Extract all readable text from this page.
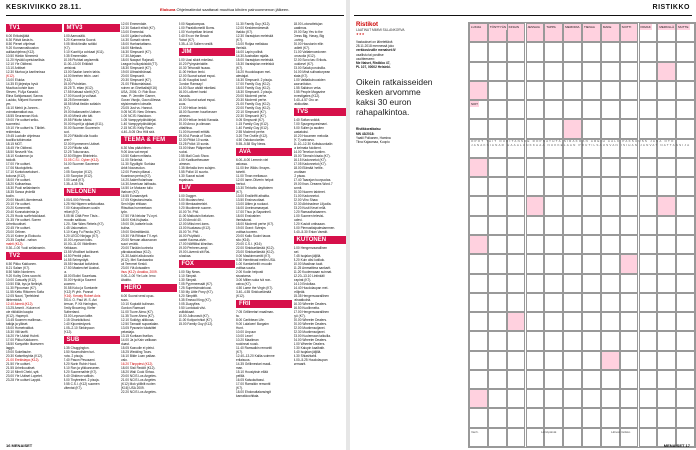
KESKIVIIKKO 28.11.	Elokuva Ohjelmatiedot saattavat muuttua kihden painoonmenon jälkeen.
TV1
6.00 Erikoisljäkä
6.30 Päivä ilasta ts.
8.50 Pienet ohjelmat
9.20 Kunnanvaltuuston
aulikaohjelma (K12).
10.50 Härkin Nimmerä
11.20 Hyvää lopetuksellisia
12.10 Yle Oldbeat.
13.10 Arktiset
12.30 Murtoa ja kantinnissa
(K12).
13.00 Elukka
14.35 El järjestys hyvä
Muuttua kohde ikan
Steven, Pi Aja Kanadd.
Elina Sahijansaari, Sanna
Luukko, Mirjami Kunonen
ym.
16.10 Metrö ja Jonnes -
voimatamatkat osa.
18.55 Seurannan Klok.
19.00 Yle uutiset selko-
suomeksi.
19.10 Yle uutiset ts. Täbilet-
reidenkaa.
19.45 Luotulle ohjelmaa
koolilla tutkimusta:
18.15 MOT.
18.45 Yle Oldbeat.
18.50 Nevuelit Yks.
18.10 Kuutamon ja
toidolit.
17.00 Yle uutiset.
17.06 Muotojuttelu.
17.10 Kuntotosetukset -
kokona (K12).
18.00 Yle uutiset.
18.20 Kulisseissa.
18.30 Puoli sellaintamin
18.35 Sanoa yhdellä
kodin.
20.00 Muutit Liikenteessä.
20.10 Yle uutiset.
20.20 Kommentti.
20.40 Kunnatoiminta ja
21.25 Huolo surfiehdokkaat.
21.35 Yle uutiset. Sorren
Urheiluuutiset.
22.45 Yle uutiset.
23.00 Ortinen.
23.10 Kolme ja Elokuutu.
23.35 Capital - nahan
mahti (K12).
0.30–1.00 Yuoli sellainamin.
TV2
6.50 Pikku Kakkonen.
8.21 Salam (K7).
8.50 Nälin Norderen.
9.20 Kolby Cries scorcht.
10.00 Casualty (K12).
10.50 Ellä, kys ja Neliniyti.
11.30 Pipooman (K7).
11.55 Kettu Riitoreen Sofia
12.05 Nauri, Tjerfeldest
lähteminkä.
12.40 Aimeä (K12).
13.25 Ammit - Kuluen ei
ole rikikkiän kaupia
(K12). Haperpit.
13.45 Suomen mallimaa -
tutkija ja ylikset.
15.00 Hometvalikot.
15.30 Villi tanffi.
16.20 Yle Uutisit Hubrit.
17.00 Pikku Kakkonen.
18.50 Kanyahtin Ilkanveen
laggir.
19.00 Sukeltauhe.
20.30 Katsettoyhtia (K12).
21.00 Erekistaya (K12).
21.50 Yle uutiset.
21.55 Urheiluuutiset.
22.10 Mirnit Cheki, sytt.
23.00 Yle Uutiset Lopetet.
23.28 Yle uutiset Lappid.
MTV3
6.00 Aamusälä.
8.20 Kummeria Suorot.
9.05 Minä tiedän sotikki
(K7).
9.10 Kuoriit ja cohkaat (K11).
9.35 Emmerdale.
10.05 Piuhbat asylsemät.
11.00–13.00 Erikkisit
jarrisivat.
13.00 Saalon lunnin tahia.
14.00 Iteehen tekin -usei
(K12).
15.00 Puhdelan.
15.25 Tl- ettan (K12).
17.55 Katsaut söntti (K7).
17.00 Kounit ja voihaat.
18.25 Emmerdale.
18.55 Minä tiedän sotiakin
(K7).
19.00 Italianvartin Uutisen
19.40 Minnä vän kät.
19.55 Päivän käntsi.
20.00 Kuprit ja ojidaat (K11).
20.00 Suomen Suurennin
tuot.
20.20 Päädät olla fuudio
seer?
22.00 Kymmenen Uutiset.
22.20 Päivän sää.
22.25 Tukuvaruus.
22.50 Eltyjen Bhinteinlu.
23.05 C.S.I. Cyber (K12).
24.00 Suomen Saorenne
kort.
0.05 Scorpion (K12).
1.00 Scorpion (K12).
2.00 Lasit (K7).
2.35–4.30 Shi.
NELONEN
6.00/1.000 Friends.
6.25 Hä Häpeen sellotuuttaa.
7.00 Koirapoilissen uusiin
retket (K7).
8.05 Mi Cittä Pere Tävis -
moodin salkkaa.
1.20- Star Wars Rebels (K7).
1.45 Uskomaton.
8.10 Kung Fu Panda (K7).
8.20 LEGO Ninjago (K7).
10.00 Lepovan lukis.
10.00–11.00 Viidellinen
Keikkaan.
13.55 Viholliset kolikseet.
14.50 Penkti ydlan.
14.55 Seimynäytt.
15.55 Hauskat kotivideot.
17.50 Masterchef Austral-
ia.
18.00 Elolini Suurelaas.
20.00 Hyvät ja Suurent
suomen.
20.58 Koko ja Sumtante
(K12) Pi yhh. Pannat
(K16). Kenaty Robert Anis
2014. O. Paul W. S. Ani
derson, P. Kit Harington,
Emily Browning, Kiefer
Sutherland.
23.00 Lepovan laitte.
0.15 Ghunkiluikosi.
0.40 Kipomiedycek.
1.05–2.10 Sinkinpaon
(K12).
SUB
6.35 Chuggington.
6.50 Noumoihden turi-
nota. 2 pisoja.
7.40 Pason Pesusami.
8.20 Nurin Rubin Hood.
8.10 Ron ja ylikkunnanen.
8.20 Suomenaihte (K7).
8.40 Ghideon valtioin.
8.00 Tinyleeleet. 2 pisoja.
9.55 C.S.I. (K12) suomen
viitentat (K7).
12.00 Emmerdale.
12.30 Satunit eilisit (K7).
13.00 Emmedal.
14.00 Ljailavi voihalis.
14.30 Sumait roinee.
15.00 Harhantattamo.
16.00 Mietissä.
16.30 Simpsonit (K7).
17.30 Aiejaam.
18.00 Naapuri Rajonall-
League hulluyskiskät (T7).
18.30 Simpsonit (K7).
19.00 Ultrasinihänaal.
20.00 Simpsonit.
20.30 Simpsonit (K7).
21.00 Flikkumiaisiaal-
ruinen on Ghetkalisi(K16)
USA, 2006. O: Rob Bow-
man. P: Jennifer Garner,
Goran Visnjic, Gaon Allessa
stylsimmaten loimalle.
23.05 Just vs. Hannut.
0.05 NCIS: New Orleans.
1.00 NCIS: Nasidoon.
1.05 Vampyyripäiväkirjat.
1.40 Vampyyripäiväkirjat.
2.15 NCIS: Kelly Race.
4.40–5.05 Oho Hiili sirä.
TEEMA & FEM
6.30 Mas pääohtinen.
9.00 Ana vat meps!
10.50 Kaiken mittaria.
11.00 Strömisä.
11.30 Syydlighi: Surkiaa
Arkit Nouseudun.
12.00 Poesin pillassi -
Kuaninan perha (K7).
14.20 Aakeri'tolanhaar.
14.30 American laithautu.
14.50 Le Maturan tullo
ihahuer (K7).
16.55 Euraansiyeit.
17.05 Kirjastonuimala.
Sen hiljan ehtiaan
Ritsuttaa hurmeetaan
työn.
17.50 Ylä Nelotar TV-nyrt.
18.00 Kirit-Kujtaala.
19.00 Oli, katsele kula
kulina.
19.00 Strömittämöä.
19.30 Ylä Riihaiar TV-nyrt.
20.00 Neruan aikavuoran
suuri verätä.
20.00 Tänään kurinnta
päivakausilasa (K12).
21.30 Aakiri aikukovalo
(K12). Mei Sundaanka
oil Teenmei Keskii.
23.00 Ylä Avisaalien
ihus (K12): Anakka, 2009.
0.00–1.00 Yle Lole. Ieno
Ataktto.
HERO
6.00 Suorat veral opuo-
suus.
10.10 Kupiakit kulinnan.
Gordon Ramsan!
11.00 Tuore Alma (K7).
11.35 Tuore Ahma (K7).
12.10 Sukkiyy alikkoaa.
12.50 Tamadri supwalalan.
13.05 Pysosnin tulaisittei
pelastaja.
13.15 Kuritaan itsellan.
14.00 Ja ja Kain valikaan
duast.
15.05 Kasvolle ei pleist.
15.25 Wedding Tours.
16.10 Bilde Loan paikan.
valo.
16.20 Tänppiesi (K12).
18.00 Sisii Reddit (K12).
18.20 Wali Cook Shiwa.
20.00 NCIS Los Angeles.
21.00 NCIS Los Angeles
(K12) Mok yöllbilt ruoten
[K16] USA 2009.
22.20 NCIS Los Angeles.
9.00 Napakompas.
1.00 Parakiilomeiili Boms.
1.00 Yuohpelkan lin/ansi
2.40 En on the Beach
Robot (K7).
3.35–4.10 Sollern vesiilt.
JIM
6.00 Uusi sikirä mkeilasi.
10.20 Pyinysimiaktie.
10.30 Tehovalit huaaa.
11.00 Helkon lenki.
12.00 Suorat saivat espai-
11.00 Kaupiksi kosii
Gordon Ramsay!
14.00 Suur alsikit mkeilasi.
16.00 Luilivert hanki
Kanada.
16.00 Suorat saivat espai-
suus.
17.00 Helkon lenkki.
18.00 Suomen huurikeuser
laimean.
19.00 Helkon lenkki Kanada.
20.00 Arroo ja olimaan
vittalihisa.
21.00 Kummeli erittiät.
19.00 A Panda of Tosin.
22.30 Pitilot 10 sunta.
23.25 Pollot 10 sunta.
23.00 Nhan Pääperiset
ruoksi.
0.55 Mail Cook Show.
1.00 Kvalikartheuaser
laimean.
2.35 Mehalla Inen sulajen.
3.55 Pollot 10 suurta.
4.30 Suorat suivat
espaisuus.
LIV
6.00 Dogger.
8.00 Muutanchesi.
9.00 Menkaaimeisht.
9.20 Muutimein suome.
10.00 Tri. Phil.
11.00 Matkuisin lkelaivan.
12.00 Arnold 40.
12.00 Miksi mei-toms.
13.00 Kuakassu (K12).
15.00 Tri. Phil.
16.00 Puiyliistö -
kaotet Kaoma-alvie.
17.00 Nöiffiliksi kiinnitan.
19.00 Perheen-ampi.
19.00 Lävemä siit Rai-
tulaskaa.
FOX
6.00 Sky News.
6.10 Simpsit.
6.30 Simpsit.
7.05 Pyyrrmeessät (K7).
7.25 Supertsimakriuosi.
7.50 My Little Pony (K7).
8.20 Simptifit.
8.35 Emeaul King (K7).
9.05 Zuapyllea.
9.50 Lontokaä viivi-
sstikikkaari.
10.00 Jolhunavit (K7).
11.00 Kotiporinhiat (K7).
15.00 Family Guy (K12).
11.30 Family Guy (K12).
12.00 Keskimmämestä
ihakko (K7).
12.30 Varasipian meleiskä
(K7).
13.00 Rotjaa mellakaa
ihmisiä.
16.00 Lapin pollisit.
14.30 Australian rajalla.
15.00 Varasipian meleiskä.
15.30 Varaisipian meleiskä
(K7).
16.20 Huudolaupan mei-
alestajat.
16.30 Simpsonit. 2 pisoja.
17.00 Family Guy (K12).
18.00 Family Guy (K12).
18.30 Simpsonit. 2 pisoja.
20.00 Modernii perhe.
20.30 Modernii perhe.
21.00 Family Guy (K12).
22.00 Family Guy (K12).
22.10 Simpsonit (K7).
22.30 Simpsonit (K7).
0.05 Simpsonit (K7).
1.15 Family Guy (K12).
1.40 Family Guy (K12).
2.55 Modernii perhe.
3.20 The Orville (K12).
4.50 Ostokoroiceller.
5.55–5.58 Sky News.
AVA
6.00–6.00 Lemmin viel
aslossa.
11.00 Ihe Wilds: Ihraym-
tuhetti.
11.00 Tinan mellasuur.
12.00 Iame-Oliverin helpot
herkut.
13.30 Tehtoritu dayttoteen
(K7).
13.00 Ensilinffit athaitta.
13.50 Ensinvuotiaat.
13.00 Äitien ja ruokaut.
16.00 Unelmamasepat.
17.00 Thuu ja Saparinell.
18.00 Ensivabien
ihmisäunsi.
18.00 Modernii perhe (K7).
19.00 Grant: Sviesjrs
voittaa tuoreen.
20.00 Kallo Suoini tauas
silo (K16).
20.00 C.S.I. (K16)
22.00 Sinkkuelämää (K12).
23.00 Sinkkuelämää (K12).
0.00 Maskinmumiiti (K7).
0.30 Hambinaal mellin USA.
1.00 Kamlarheliit: muodin
voittaa suuria.
2.00 Kodin helposti
sisustama.
3.00 Milien suka ivä non-
ustva (K7).
4.50 Lame the Virgin (K7).
3.40–4.55 Sinkkuelämää
(K12).
FRII
7.05 Grillimetari maailman-
ta.
8.00 Caribbean Life.
9.00 Lalaloen! Bargaim
Hunt.
10.00 Unpuun
10.00 Leoe!
10.20 Maailman
ruokinnat ruusk.
11.40 Ramsalkin remontti
(K7).
12.40–13.20 Kallia-voimme
erilaisuus.
14.35 Grillimestari maail-
man.
15.10 Housiyksin ellää
pellilä.
16.05 Kalsukuttassi.
17.00 Ramsikin remontti
(K7).
18.00 Ehdonaltalansingit
kanrakkoohitaia.
18.00 Lotonottelujan
vaatimus.
19.00 Say Yes to the
Dress Big, Hassy, Big
Loving.
20.00 Houstonin ellin
jadiett (K7).
21.00 Valtatenoedonen
jonuvoila (K12).
22.00 Sovo tas: Erikois-
joukkevrl (K7).
23.00 Salaä poruksilla.
24.00 Minä sulhasturpean
aiata (K7).
1.00 Valitaikuhuusiden
saurunitulun.
1.55 Salkinon veka.
2.55 People Magazine
Investigates (K12).
3.40–4.57 Oro on
rakkkuttan.
TVS
6.40 Sofian snikkit.
7.00 Spurgesyoesimani.
8.00 Sullen ja asuiten
vastatuksi.
10.20 Hooamen melodia
(K 7) sekvarvo.
11.10–12.30 Koitskuunkalin
ja kelmata fuicikent.
14.00 Tenekon tuntien.
15.00 Tännsin kisaia (K7).
16.15 Kadonnetut (K7).
17.05 Kadonnetut (K7).
18.00 Elämää 'nettle-
unuttaan
.2 pisaa.
17.40 Taarajan tuurpuolas.
19.00 Ihan. Dreams Word.7
tunnit.
20.30 Nuoren talvimet.
21.00 Kadonnetut.
22.00 Viiro Shaw.
22.30 Abbinadece Liljuolla.
23.20 Kusit Kesei rellä.
0.20 Ramaalhalaamen.
1.00 Suomen televisi-
kalevi.
2.20 Kusioit ontissaan.
3.00 Piemustiaipalesiammen.
3.40–5.30 Enlan Vaestit.
KUTONEN
6.00 Hengenvaarallinen
wel.
7.45 Isojalan jäljillä.
8.20 Kuin olisi kotikok.
10.00 Maailnan tauit.
11.25 Ammattima sankarit.
11.20 Kuolemaaan suinnat.
12.20–13.10 Lintinkäli
trapirat (K7).
14.10 Endoltaa.
14.40 Huudolaupan mei-
ielöjeäk.
15.35 Hengenvaarallinen
rahaatkolnä.
16.30 Wheeler Dealers.
16.50 Kuollinneita.
17.00 Hengenvaarallinen
työ (K7).
20.00 Wheeler Dealers.
20.00 Wheeler Dealers.
22.00 Muotiensoijanei.
22.30 Muotiensoijanei.
23.00 Kuulemaan taikuilla.
24.00 Wheeler Dealers.
1.00 Wheeler Dealers.
2.30 Kalupin kaalbath.
3.40 Isojalan jäljillä.
4.30 Shiashtahil.
4.00–5.25 Huudolaupan
serraarit.
16 MENAISET
RISTIKKO
Ristikot
LAATINUT MIMMI SILLANKORVA
★★★
Vastaukset on lähetettävä
28.11.2018 mennessä joko
verkkosivuille menaiset.fi/
osallistu tai postitse
osoitteeseen:
Me Naiset, Ristikko 47,
PL 107, 00002 Helsinki.
Oikein ratkaisseiden
kesken arvomme
kaksi 30 euron
rahapalkintoa.
Ristikkoratkaisu
MN 43/2018:
Yaatii Poikanen, Hamina
Tiina Kajaamaa, Kuopio
LUKIJA	TÖNTTYÄN KINGIN	JESSAIA	TAPPA	MEMORIA	TIENAA	MAKE	SOITTI	PAMAK	MERKILLÄ	MUTTE
SOIT
OPOT TAIT OURITANSKE ROPNAYHTÄ SIRAKOAN AREIH AALK PAKSUUSS JANA OTO JANAKSIANAR HAAALUNKKAAA NUKKELAAN PRUTILSAUSVAN ISIHAN JANVAT NATTANSIJA
Vanh.	Lähiöpäivät	Lähetä ristikko
MENAISET 17
